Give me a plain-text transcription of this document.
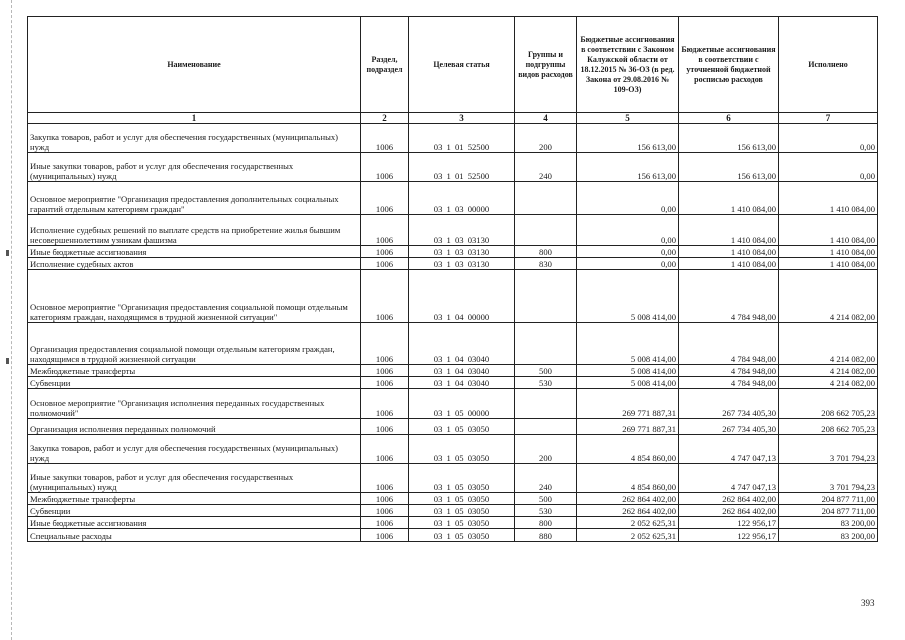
Наименование	Раздел, подраздел	Целевая статья	Группы и подгруппы видов расходов	Бюджетные ассигнования в соответствии с Законом Калужской области от 18.12.2015 № 36-ОЗ (в ред. Закона от 29.08.2016 № 109-ОЗ)	Бюджетные ассигнования в соответствии с уточненной бюджетной росписью расходов	Исполнено
1	2	3	4	5	6	7
Закупка товаров, работ и услуг для обеспечения государственных (муниципальных) нужд	1006	03 1 01 52500	200	156 613,00	156 613,00	0,00
Иные закупки товаров, работ и услуг для обеспечения государственных (муниципальных) нужд	1006	03 1 01 52500	240	156 613,00	156 613,00	0,00
Основное мероприятие "Организация предоставления дополнительных социальных гарантий отдельным категориям граждан"	1006	03 1 03 00000		0,00	1 410 084,00	1 410 084,00
Исполнение судебных решений по выплате средств на приобретение жилья бывшим несовершеннолетним узникам фашизма	1006	03 1 03 03130		0,00	1 410 084,00	1 410 084,00
Иные бюджетные ассигнования	1006	03 1 03 03130	800	0,00	1 410 084,00	1 410 084,00
Исполнение судебных актов	1006	03 1 03 03130	830	0,00	1 410 084,00	1 410 084,00
Основное мероприятие "Организация предоставления социальной помощи отдельным категориям граждан, находящимся в трудной жизненной ситуации"	1006	03 1 04 00000		5 008 414,00	4 784 948,00	4 214 082,00
Организация предоставления социальной помощи отдельным категориям граждан, находящимся в трудной жизненной ситуации	1006	03 1 04 03040		5 008 414,00	4 784 948,00	4 214 082,00
Межбюджетные трансферты	1006	03 1 04 03040	500	5 008 414,00	4 784 948,00	4 214 082,00
Субвенции	1006	03 1 04 03040	530	5 008 414,00	4 784 948,00	4 214 082,00
Основное мероприятие "Организация исполнения переданных государственных полномочий"	1006	03 1 05 00000		269 771 887,31	267 734 405,30	208 662 705,23
Организация исполнения переданных полномочий	1006	03 1 05 03050		269 771 887,31	267 734 405,30	208 662 705,23
Закупка товаров, работ и услуг для обеспечения государственных (муниципальных) нужд	1006	03 1 05 03050	200	4 854 860,00	4 747 047,13	3 701 794,23
Иные закупки товаров, работ и услуг для обеспечения государственных (муниципальных) нужд	1006	03 1 05 03050	240	4 854 860,00	4 747 047,13	3 701 794,23
Межбюджетные трансферты	1006	03 1 05 03050	500	262 864 402,00	262 864 402,00	204 877 711,00
Субвенции	1006	03 1 05 03050	530	262 864 402,00	262 864 402,00	204 877 711,00
Иные бюджетные ассигнования	1006	03 1 05 03050	800	2 052 625,31	122 956,17	83 200,00
Специальные расходы	1006	03 1 05 03050	880	2 052 625,31	122 956,17	83 200,00
393
